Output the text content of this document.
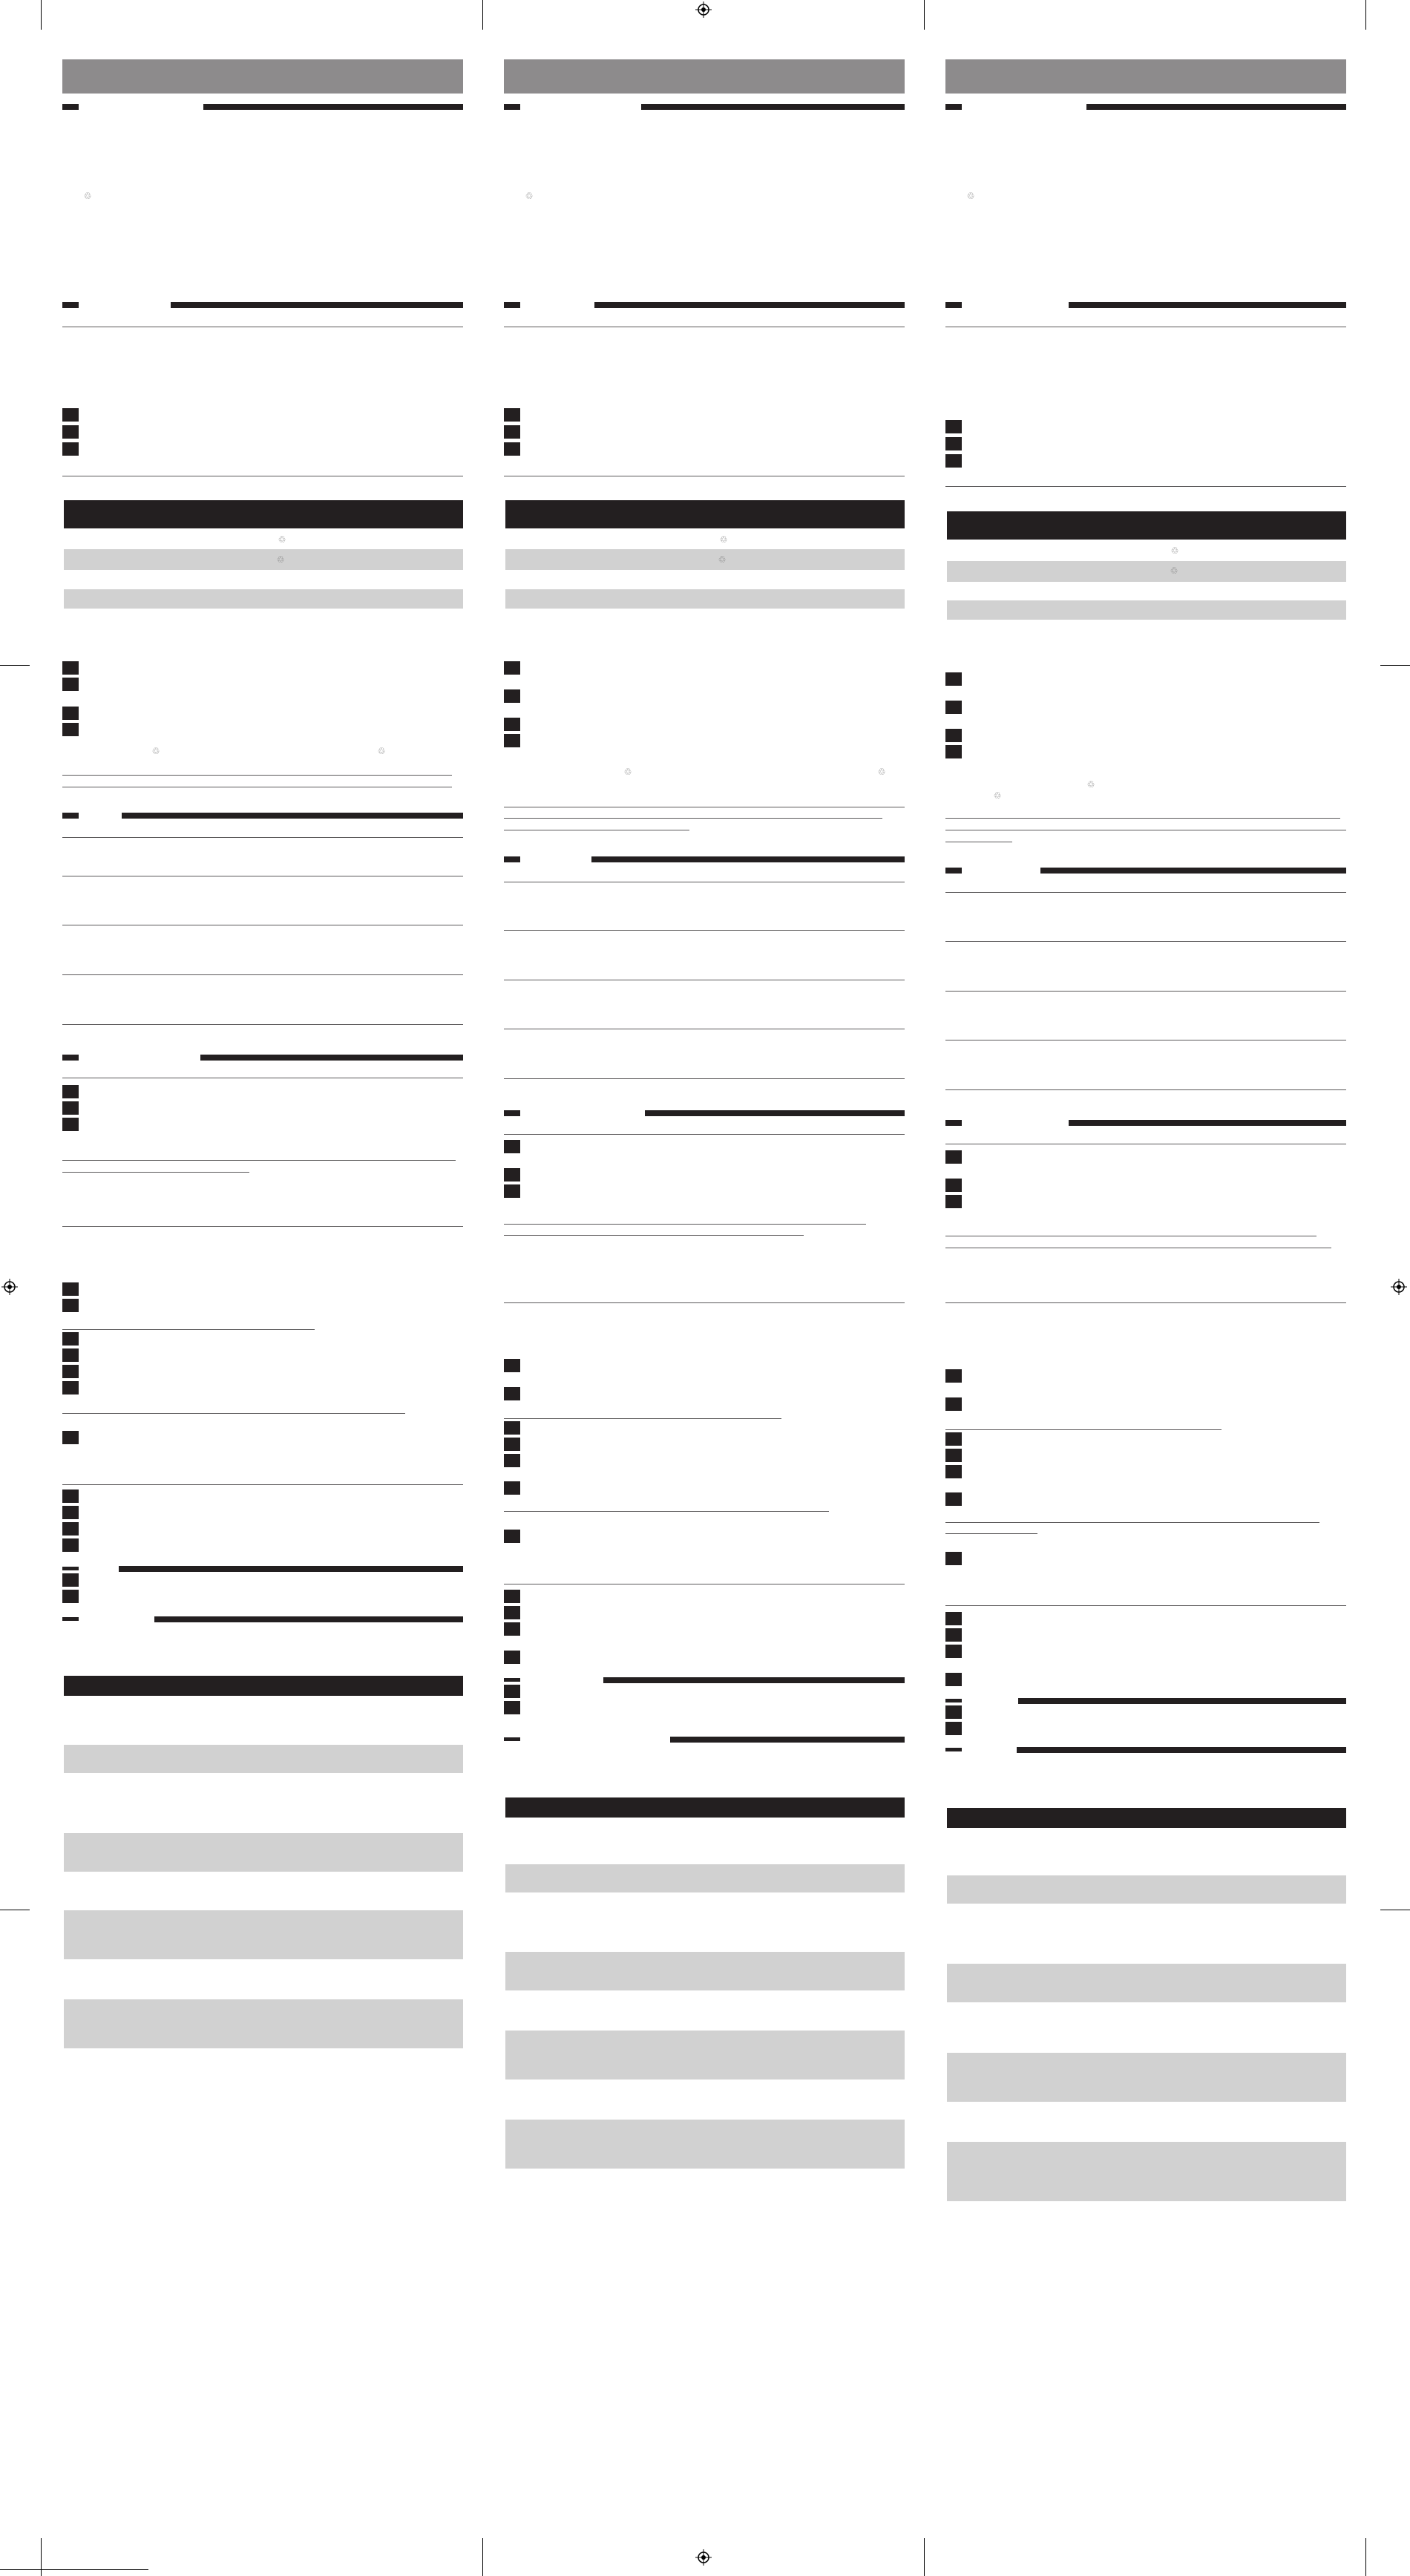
♲
♲
♲
♲	♲
♲
♲
♲
♲	♲
♲
♲
♲
♲
♲
